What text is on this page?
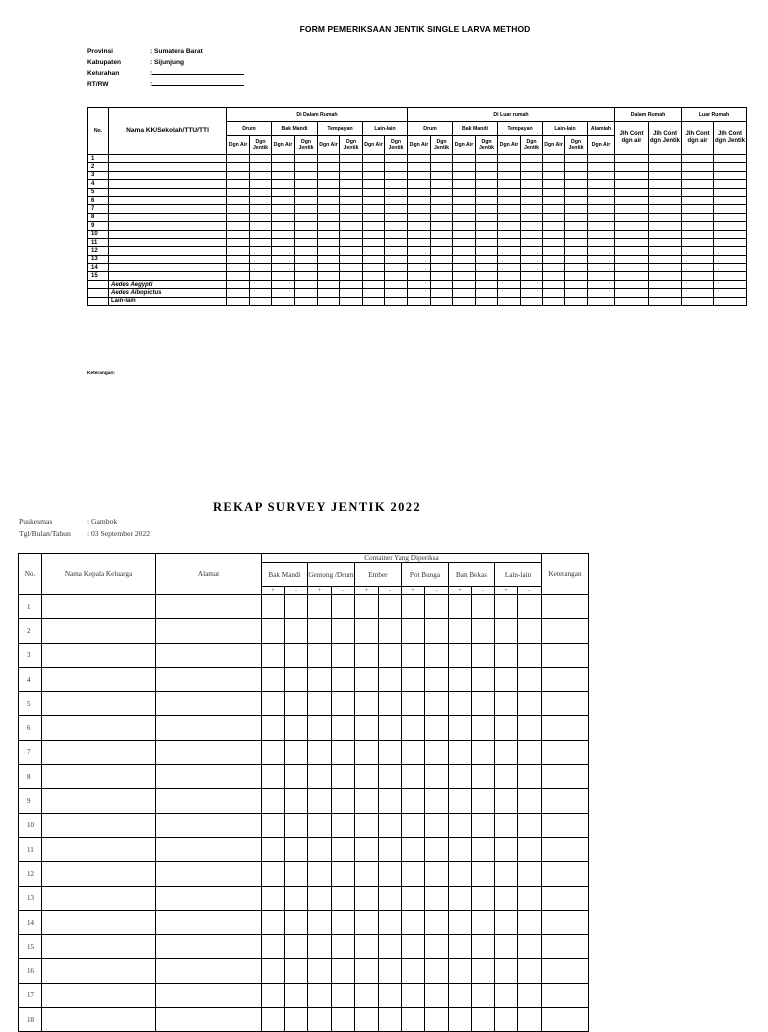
FORM PEMERIKSAAN JENTIK SINGLE LARVA METHOD
Provinsi	: Sumatera Barat
Kabupaten	: Sijunjung
Kelurahan	:
RT/RW	:
No.	Nama KK/Sekolah/TTU/TTI	Di Dalam Rumah								Di Luar rumah									Dalam Rumah		Luar Rumah	
		Drum		Bak Mandi		Tempayan		Lain-lain		Drum		Bak Mandi		Tempayan		Lain-lain		Alamiah	Jlh Cont dgn air	Jlh Cont dgn Jentik	Jlh Cont dgn air	Jlh Cont dgn Jentik
		Dgn Air	Dgn Jentik	Dgn Air	Dgn Jentik	Dgn Air	Dgn Jentik	Dgn Air	Dgn Jentik	Dgn Air	Dgn Jentik	Dgn Air	Dgn Jentik	Dgn Air	Dgn Jentik	Dgn Air	Dgn Jentik	Dgn Air				
1																						
2																						
3																						
4																						
5																						
6																						
7																						
8																						
9																						
10																						
11																						
12																						
13																						
14																						
15																						
	Aedes Aegypti																					
	Aedes Albopictus																					
	Lain-lain																					
Keterangan:
REKAP SURVEY JENTIK 2022
Puskesmas	: Gambok
Tgl/Bulan/Tahun : 03 September 2022
No.	Nama Kepala Keluarga	Alamat	Container Yang Diperiksa												Keterangan
			Bak Mandi		Gentong /Drum		Ember		Pot Bunga		Ban Bekas		Lain-lain		
			+	-	+	-	+	-	+	-	+	-	+	-	
1															
2															
3															
4															
5															
6															
7															
8															
9															
10															
11															
12															
13															
14															
15															
16															
17															
18															
